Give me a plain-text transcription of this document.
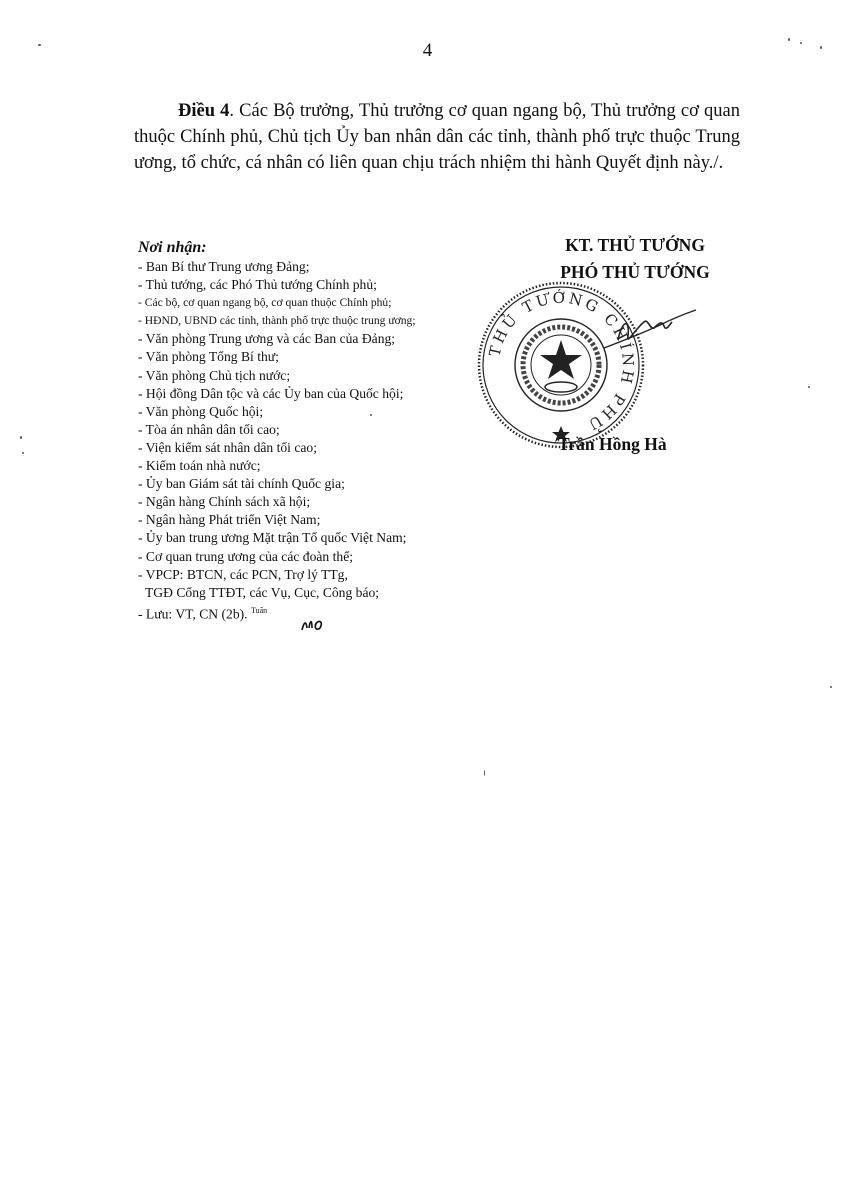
4
Điều 4. Các Bộ trưởng, Thủ trưởng cơ quan ngang bộ, Thủ trưởng cơ quan thuộc Chính phủ, Chủ tịch Ủy ban nhân dân các tỉnh, thành phố trực thuộc Trung ương, tổ chức, cá nhân có liên quan chịu trách nhiệm thi hành Quyết định này./.
Nơi nhận:
- Ban Bí thư Trung ương Đảng;
- Thủ tướng, các Phó Thủ tướng Chính phủ;
- Các bộ, cơ quan ngang bộ, cơ quan thuộc Chính phủ;
- HĐND, UBND các tỉnh, thành phố trực thuộc trung ương;
- Văn phòng Trung ương và các Ban của Đảng;
- Văn phòng Tổng Bí thư;
- Văn phòng Chủ tịch nước;
- Hội đồng Dân tộc và các Ủy ban của Quốc hội;
- Văn phòng Quốc hội;
- Tòa án nhân dân tối cao;
- Viện kiểm sát nhân dân tối cao;
- Kiểm toán nhà nước;
- Ủy ban Giám sát tài chính Quốc gia;
- Ngân hàng Chính sách xã hội;
- Ngân hàng Phát triển Việt Nam;
- Ủy ban trung ương Mặt trận Tổ quốc Việt Nam;
- Cơ quan trung ương của các đoàn thể;
- VPCP: BTCN, các PCN, Trợ lý TTg,
TGĐ Cổng TTĐT, các Vụ, Cục, Công báo;
- Lưu: VT, CN (2b). $^{Tuấn}$
KT. THỦ TƯỚNG
PHÓ THỦ TƯỚNG
THỦ TƯỚNG CHÍNH PHỦ
Trần Hồng Hà
